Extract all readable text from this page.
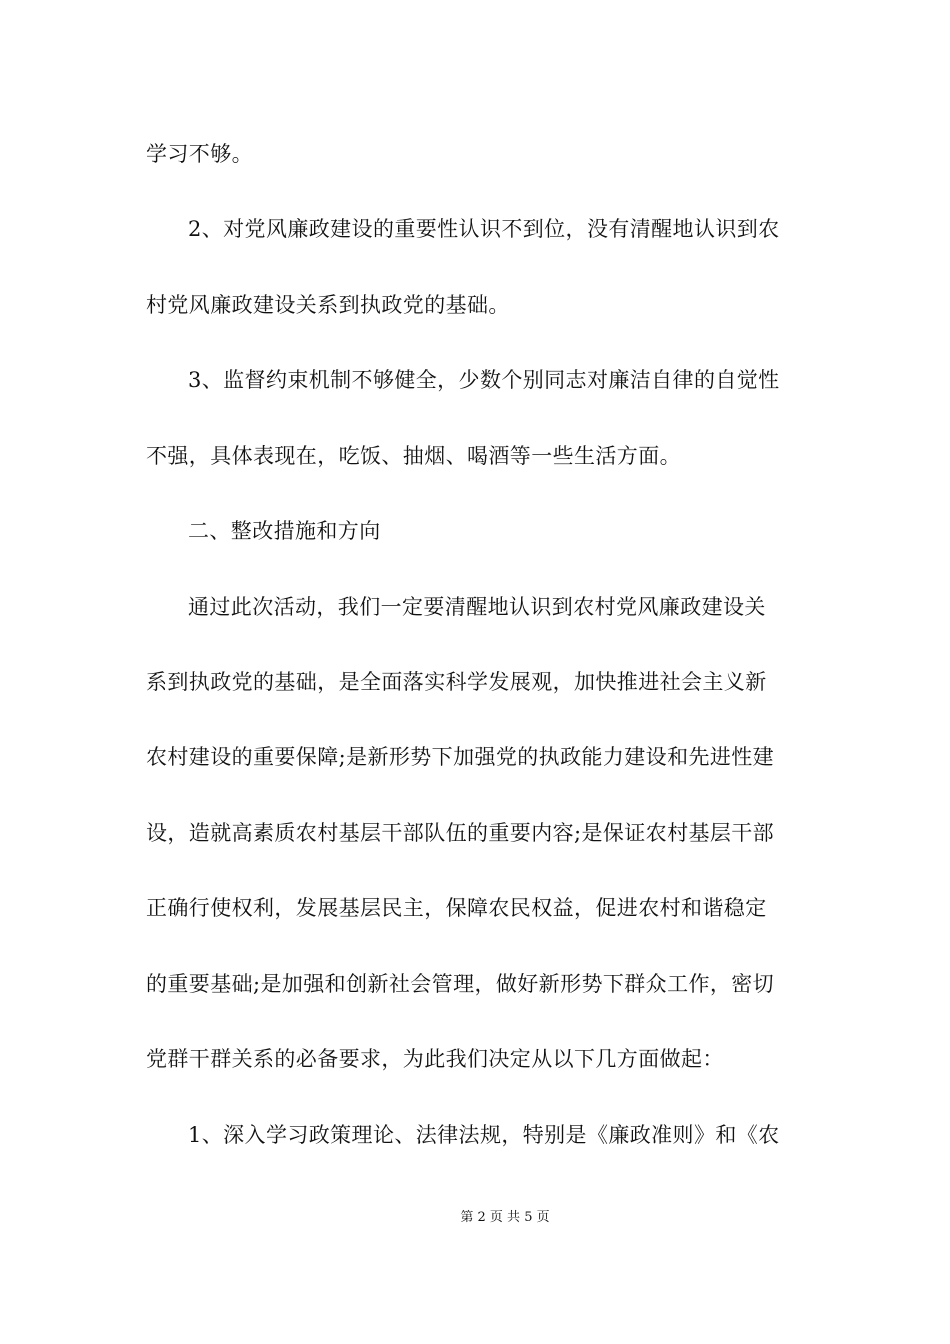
学习不够。
2、对党风廉政建设的重要性认识不到位，没有清醒地认识到农
村党风廉政建设关系到执政党的基础。
3、监督约束机制不够健全，少数个别同志对廉洁自律的自觉性
不强，具体表现在，吃饭、抽烟、喝酒等一些生活方面。
二、整改措施和方向
通过此次活动，我们一定要清醒地认识到农村党风廉政建设关
系到执政党的基础，是全面落实科学发展观，加快推进社会主义新
农村建设的重要保障;是新形势下加强党的执政能力建设和先进性建
设，造就高素质农村基层干部队伍的重要内容;是保证农村基层干部
正确行使权利，发展基层民主，保障农民权益，促进农村和谐稳定
的重要基础;是加强和创新社会管理，做好新形势下群众工作，密切
党群干群关系的必备要求，为此我们决定从以下几方面做起：
1、深入学习政策理论、法律法规，特别是《廉政准则》和《农
第 2 页 共 5 页
